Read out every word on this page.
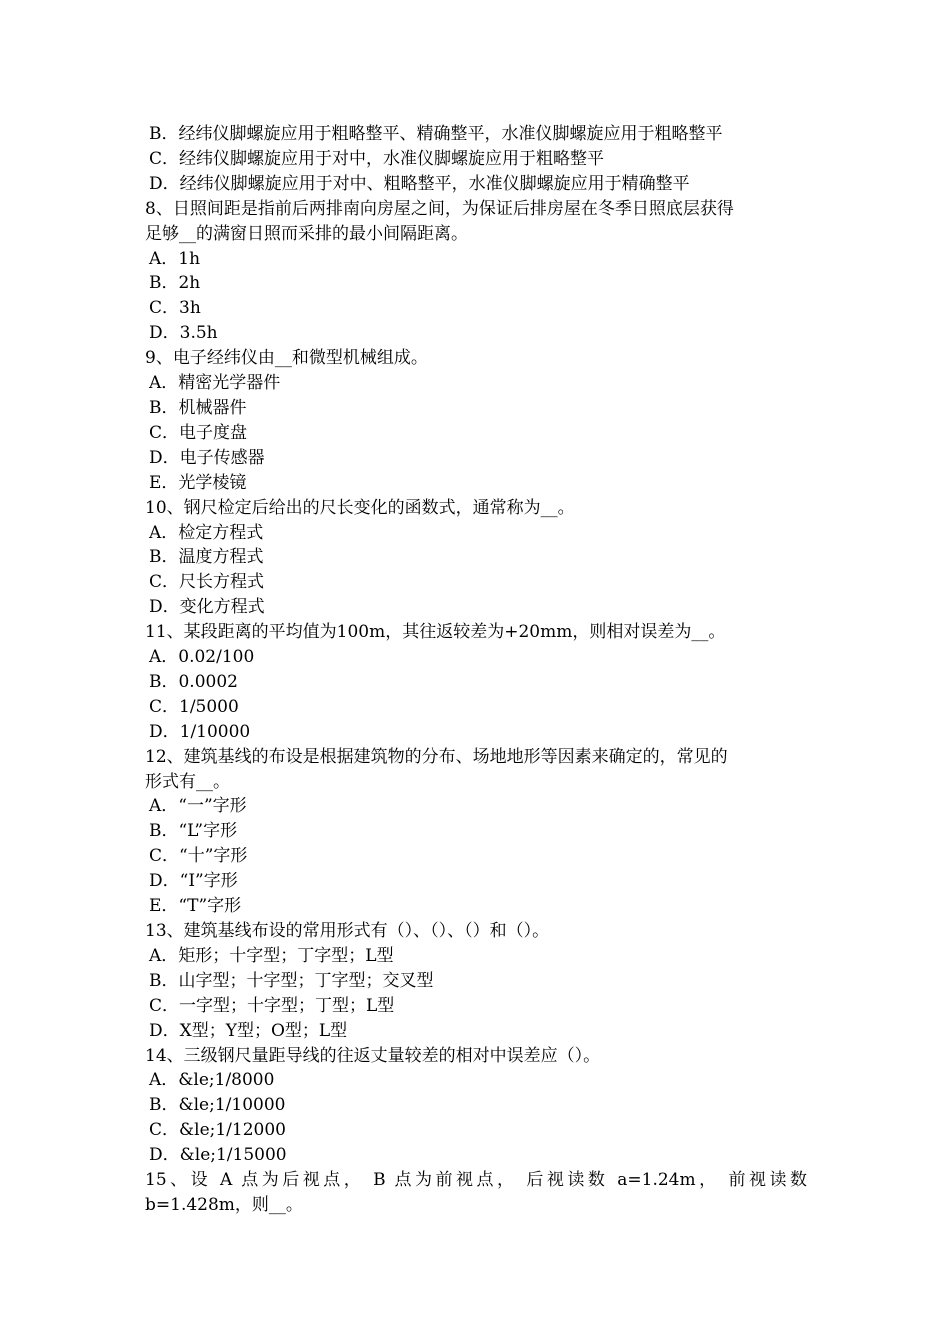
B．经纬仪脚螺旋应用于粗略整平、精确整平，水准仪脚螺旋应用于粗略整平

C．经纬仪脚螺旋应用于对中，水准仪脚螺旋应用于粗略整平

D．经纬仪脚螺旋应用于对中、粗略整平，水准仪脚螺旋应用于精确整平

8、日照间距是指前后两排南向房屋之间，为保证后排房屋在冬季日照底层获得

足够__的满窗日照而采排的最小间隔距离。

A．1h

B．2h

C．3h

D．3.5h

9、电子经纬仪由__和微型机械组成。

A．精密光学器件

B．机械器件

C．电子度盘

D．电子传感器

E．光学棱镜

10、钢尺检定后给出的尺长变化的函数式，通常称为__。

A．检定方程式

B．温度方程式

C．尺长方程式

D．变化方程式

11、某段距离的平均值为100m，其往返较差为+20mm，则相对误差为__。

A．0.02/100

B．0.0002

C．1/5000

D．1/10000

12、建筑基线的布设是根据建筑物的分布、场地地形等因素来确定的，常见的

形式有__。

A．“一”字形

B．“L”字形

C．“十”字形

D．“I”字形

E．“T”字形

13、建筑基线布设的常用形式有（）、（）、（）和（）。

A．矩形；十字型；丁字型；L型

B．山字型；十字型；丁字型；交叉型

C．一字型；十字型；丁型；L型

D．X型；Y型；O型；L型

14、三级钢尺量距导线的往返丈量较差的相对中误差应（）。

A．&le;1/8000

B．&le;1/10000

C．&le;1/12000

D．&le;1/15000

15、设 A 点为后视点， B 点为前视点， 后视读数 a=1.24m， 前视读数

b=1.428m，则__。
